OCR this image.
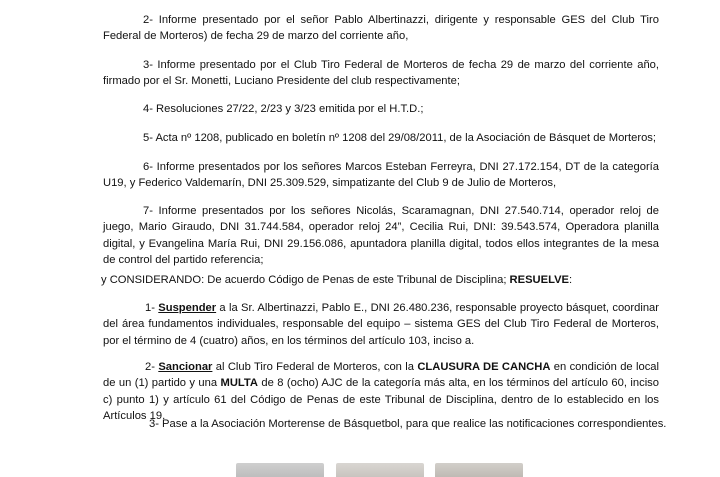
2- Informe presentado por el señor Pablo Albertinazzi, dirigente y responsable GES del Club Tiro Federal de Morteros) de fecha 29 de marzo del corriente año,

3- Informe presentado por el Club Tiro Federal de Morteros de fecha 29 de marzo del corriente año, firmado por el Sr. Monetti, Luciano Presidente del club respectivamente;

4- Resoluciones 27/22, 2/23 y 3/23 emitida por el H.T.D.;

5- Acta nº 1208, publicado en boletín nº 1208 del 29/08/2011, de la Asociación de Básquet de Morteros;

6- Informe presentados por los señores Marcos Esteban Ferreyra, DNI 27.172.154, DT de la categoría U19, y Federico Valdemarín, DNI 25.309.529, simpatizante del Club 9 de Julio de Morteros,

7- Informe presentados por los señores Nicolás, Scaramagnan, DNI 27.540.714, operador reloj de juego, Mario Giraudo, DNI 31.744.584, operador reloj 24”, Cecilia Rui, DNI: 39.543.574, Operadora planilla digital, y Evangelina María Rui, DNI 29.156.086, apuntadora planilla digital, todos ellos integrantes de la mesa de control del partido referencia;

y CONSIDERANDO: De acuerdo Código de Penas de este Tribunal de Disciplina; RESUELVE:

1- Suspender a la Sr. Albertinazzi, Pablo E., DNI 26.480.236, responsable proyecto básquet, coordinar del área fundamentos individuales, responsable del equipo – sistema GES del Club Tiro Federal de Morteros, por el término de 4 (cuatro) años, en los términos del artículo 103, inciso a.

2- Sancionar al Club Tiro Federal de Morteros, con la CLAUSURA DE CANCHA en condición de local de un (1) partido y una MULTA de 8 (ocho) AJC de la categoría más alta, en los términos del artículo 60, inciso c) punto 1) y artículo 61 del Código de Penas de este Tribunal de Disciplina, dentro de lo establecido en los Artículos 19.

3- Pase a la Asociación Morterense de Básquetbol, para que realice las notificaciones correspondientes.
